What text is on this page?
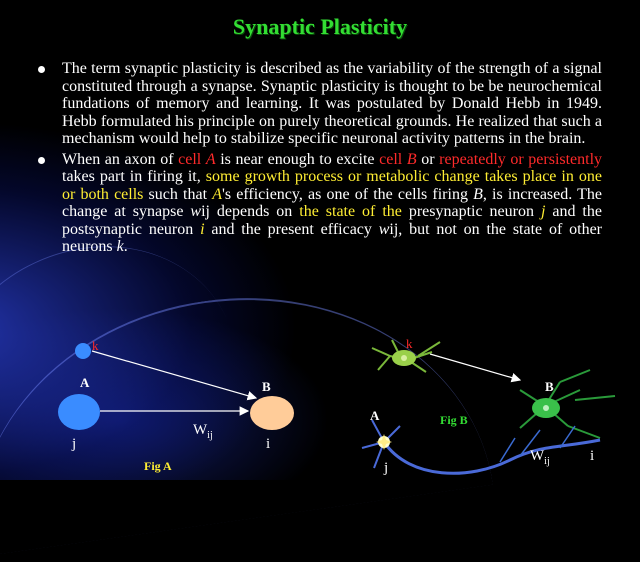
Synaptic Plasticity
The term synaptic plasticity is described as the variability of the strength of a signal constituted through a synapse. Synaptic plasticity is thought to be be neurochemical fundations of memory and learning. It was postulated by Donald Hebb in 1949. Hebb formulated his principle on purely theoretical grounds. He realized that such a mechanism would help to stabilize specific neuronal activity patterns in the brain.
When an axon of cell A is near enough to excite cell B or repeatedly or persistently takes part in firing it, some growth process or metabolic change takes place in one or both cells such that A's efficiency, as one of the cells firing B, is increased. The change at synapse wij depends on the state of the presynaptic neuron j and the postsynaptic neuron i and the present efficacy wij, but not on the state of other neurons k.
k
A
j
B
i
$W_{ij}$
Fig A
k
B
A	Fig B
j
$W_{ij}$	i
